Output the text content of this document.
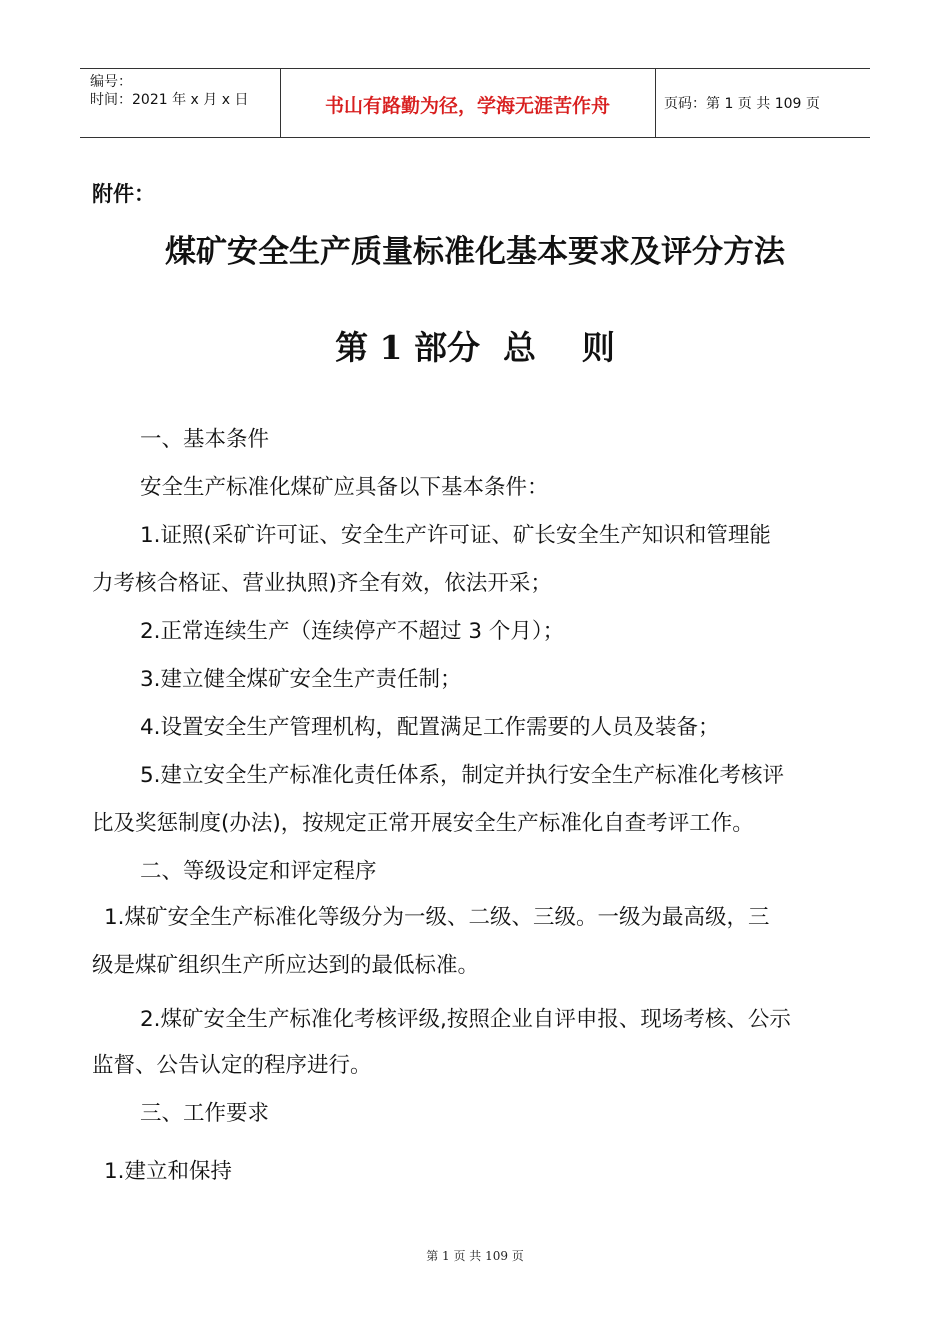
编号：
时间：2021 年 x 月 x 日	书山有路勤为径，学海无涯苦作舟	页码：第 1 页 共 109 页
附件：
煤矿安全生产质量标准化基本要求及评分方法
第 1 部分  总    则
一、基本条件
安全生产标准化煤矿应具备以下基本条件：
1.证照(采矿许可证、安全生产许可证、矿长安全生产知识和管理能
力考核合格证、营业执照)齐全有效，依法开采；
2.正常连续生产（连续停产不超过 3 个月）；
3.建立健全煤矿安全生产责任制；
4.设置安全生产管理机构，配置满足工作需要的人员及装备；
5.建立安全生产标准化责任体系，制定并执行安全生产标准化考核评
比及奖惩制度(办法)，按规定正常开展安全生产标准化自查考评工作。
二、等级设定和评定程序
1.煤矿安全生产标准化等级分为一级、二级、三级。一级为最高级，三
级是煤矿组织生产所应达到的最低标准。
2.煤矿安全生产标准化考核评级,按照企业自评申报、现场考核、公示
监督、公告认定的程序进行。
三、工作要求
1.建立和保持
第 1 页 共 109 页
